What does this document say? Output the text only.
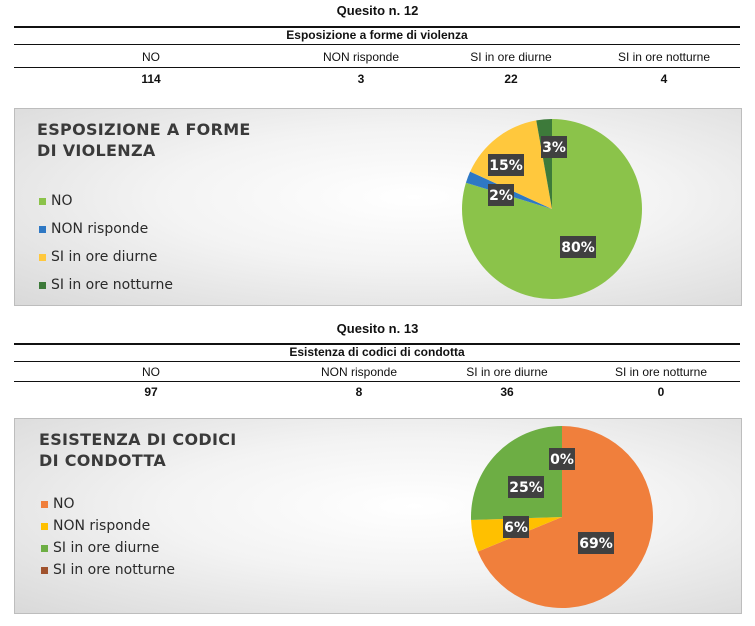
Quesito n. 12
Esposizione a forme di violenza
NO	NON risponde	SI in ore diurne	SI in ore notturne
114	3	22	4
ESPOSIZIONE A FORME
DI VIOLENZA
NO
NON risponde
SI in ore diurne
SI in ore notturne
80%
2%
15%
3%
Quesito n. 13
Esistenza di codici di condotta
NO	NON risponde	SI in ore diurne	SI in ore notturne
97	8	36	0
ESISTENZA DI CODICI
DI CONDOTTA
NO
NON risponde
SI in ore diurne
SI in ore notturne
69%
6%
25%
0%
